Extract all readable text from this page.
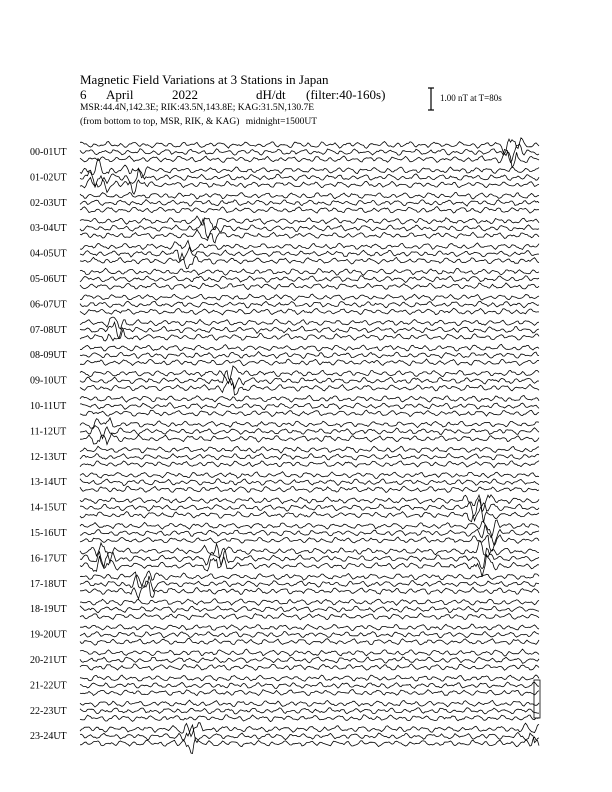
Magnetic Field Variations at 3 Stations in Japan
6 April	2022	dH/dt (filter:40-160s)
MSR:44.4N,142.3E; RIK:43.5N,143.8E; KAG:31.5N,130.7E
(from bottom to top, MSR, RIK, & KAG) midnight=1500UT
1.00 nT at T=80s
00-01UT
01-02UT
02-03UT
03-04UT
04-05UT
05-06UT
06-07UT
07-08UT
08-09UT
09-10UT
10-11UT
11-12UT
12-13UT
13-14UT
14-15UT
15-16UT
16-17UT
17-18UT
18-19UT
19-20UT
20-21UT
21-22UT
22-23UT
23-24UT
